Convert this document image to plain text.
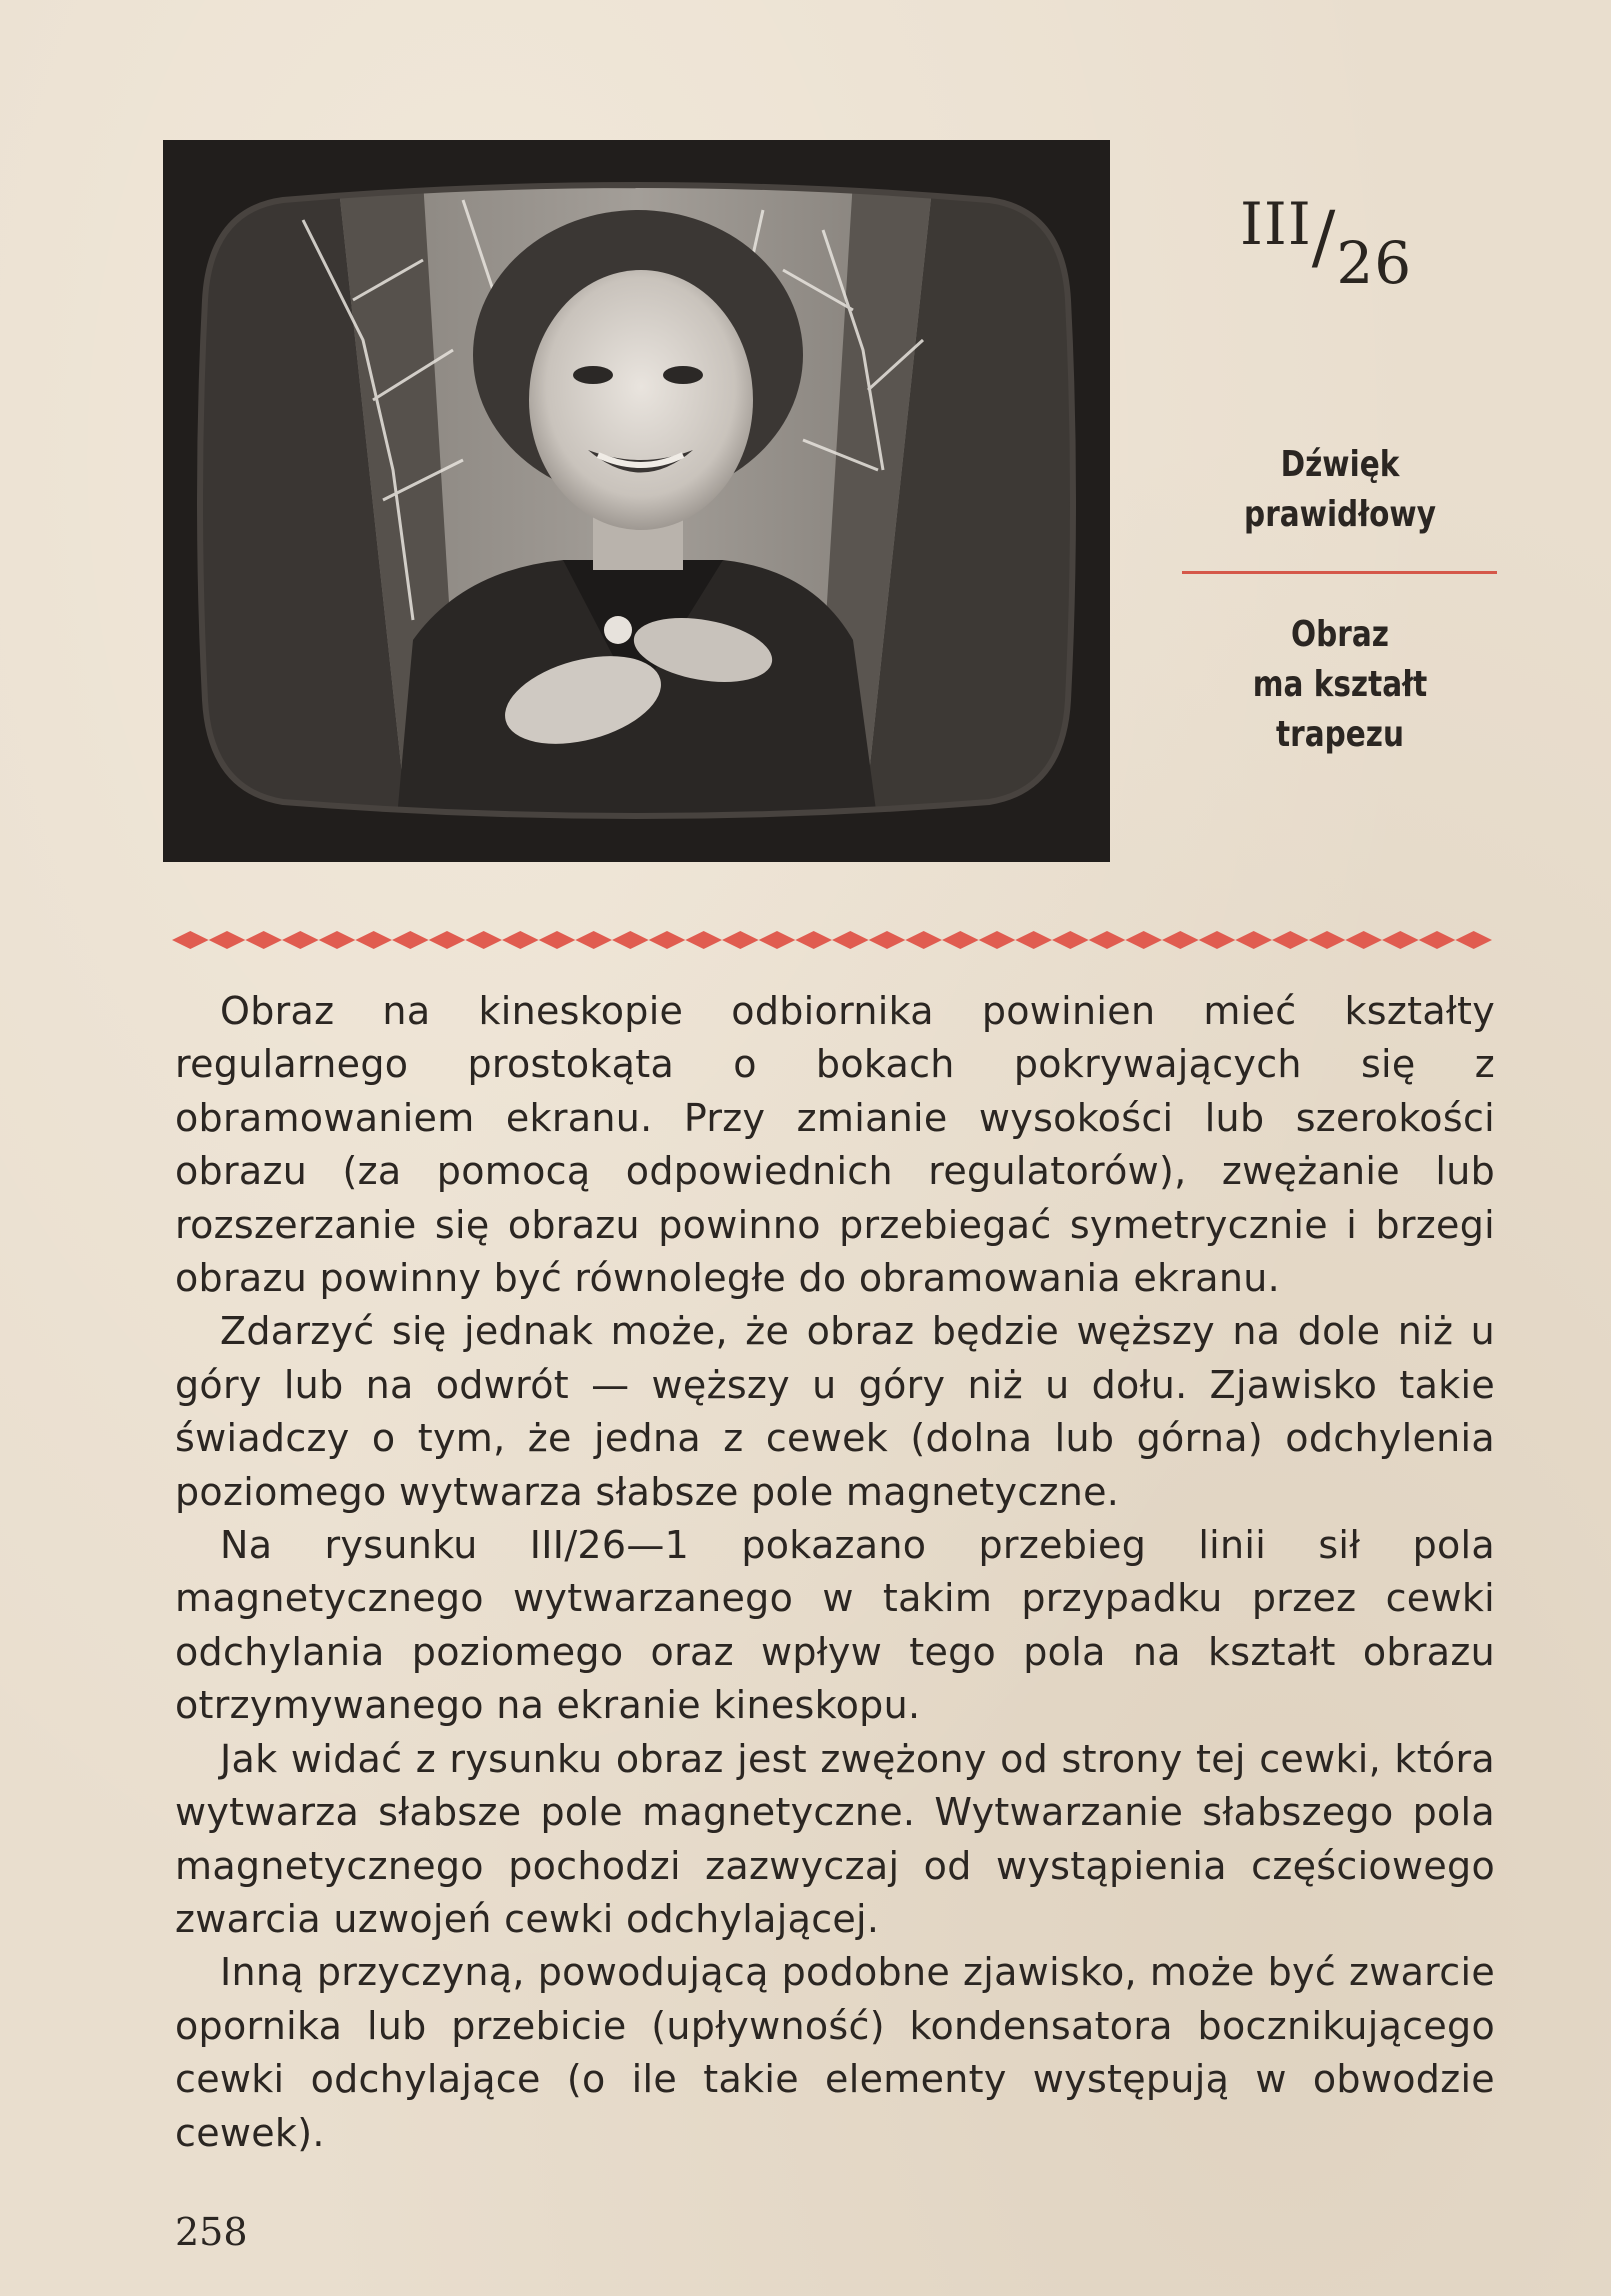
III/26
Dźwięk
prawidłowy
Obraz
ma kształt
trapezu

Obraz na kineskopie odbiornika powinien mieć kształty regularnego prostokąta o bokach pokrywających się z obramowaniem ekranu. Przy zmianie wysokości lub szerokości obrazu (za pomocą odpowiednich regulatorów), zwężanie lub rozszerzanie się obrazu powinno przebiegać symetrycznie i brzegi obrazu powinny być równoległe do obramowania ekranu.

Zdarzyć się jednak może, że obraz będzie węższy na dole niż u góry lub na odwrót — węższy u góry niż u dołu. Zjawisko takie świadczy o tym, że jedna z cewek (dolna lub górna) odchylenia poziomego wytwarza słabsze pole magnetyczne.

Na rysunku III/26—1 pokazano przebieg linii sił pola magnetycznego wytwarzanego w takim przypadku przez cewki odchylania poziomego oraz wpływ tego pola na kształt obrazu otrzymywanego na ekranie kineskopu.

Jak widać z rysunku obraz jest zwężony od strony tej cewki, która wytwarza słabsze pole magnetyczne. Wytwarzanie słabszego pola magnetycznego pochodzi zazwyczaj od wystąpienia częściowego zwarcia uzwojeń cewki odchylającej.

Inną przyczyną, powodującą podobne zjawisko, może być zwarcie opornika lub przebicie (upływność) kondensatora bocznikującego cewki odchylające (o ile takie elementy występują w obwodzie cewek).

258
